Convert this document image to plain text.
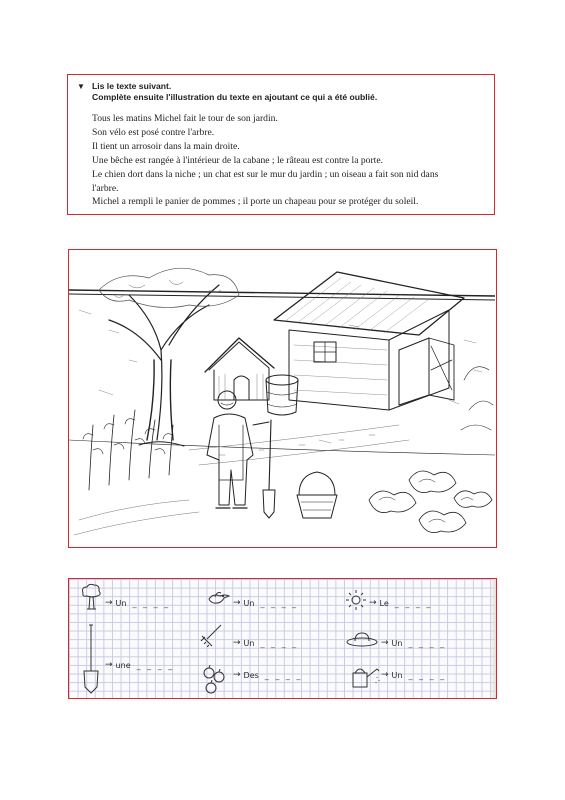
▼ Lis le texte suivant.
Complète ensuite l'illustration du texte en ajoutant ce qui a été oublié.
Tous les matins Michel fait le tour de son jardin.
Son vélo est posé contre l'arbre.
Il tient un arrosoir dans la main droite.
Une bêche est rangée à l'intérieur de la cabane ; le râteau est contre la porte.
Le chien dort dans la niche ; un chat est sur le mur du jardin ; un oiseau a fait son nid dans
l'arbre.
Michel a rempli le panier de pommes ; il porte un chapeau pour se protéger du soleil.
→ Un _ _ _ _	→ Un _ _ _ _	→ Le _ _ _ _
→ Un _ _ _ _	→ Un _ _ _ _
→ une _ _ _ _
→ Des _ _ _ _	→ Un _ _ _ _
